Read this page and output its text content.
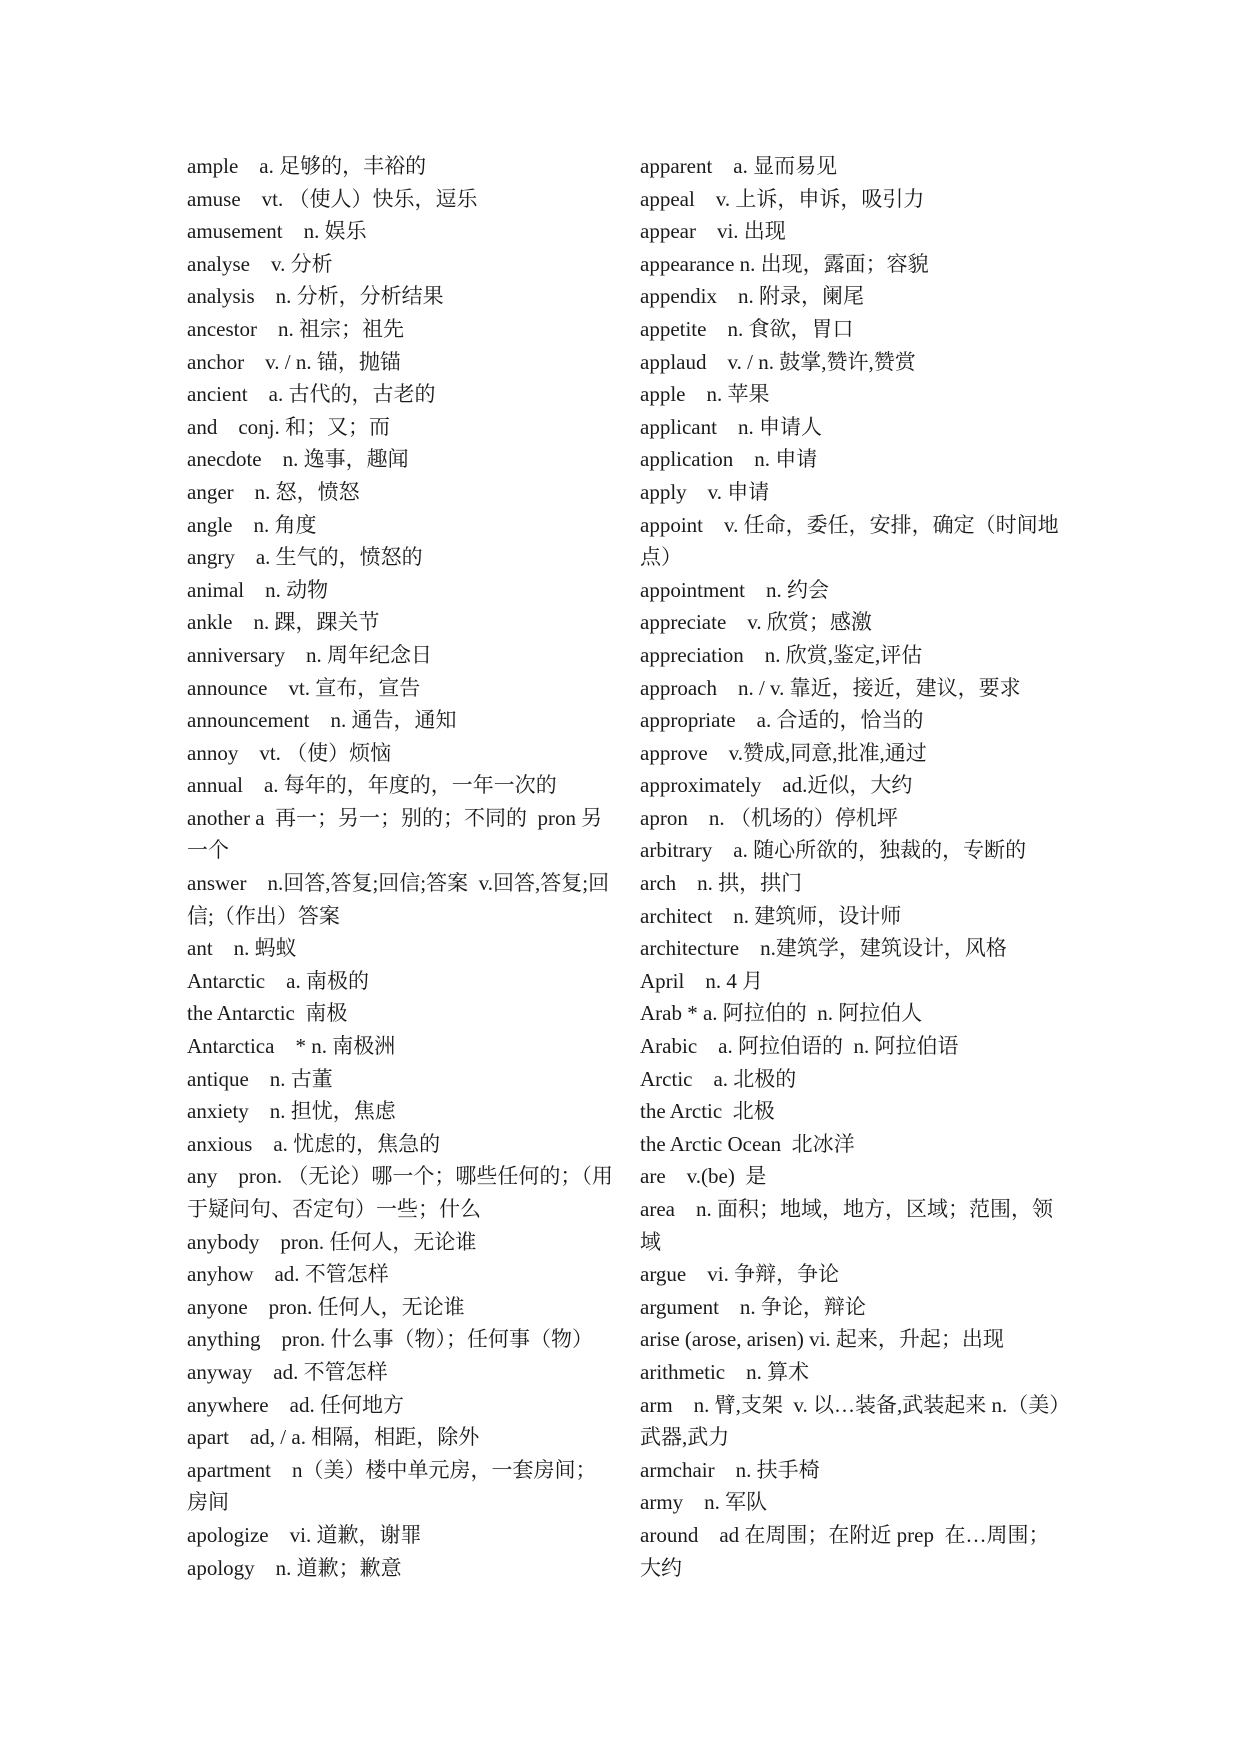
ample    a. 足够的，丰裕的

amuse    vt. （使人）快乐，逗乐

amusement    n. 娱乐

analyse    v. 分析

analysis    n. 分析，分析结果

ancestor    n. 祖宗；祖先

anchor    v. / n. 锚，抛锚

ancient    a. 古代的，古老的

and    conj. 和；又；而

anecdote    n. 逸事，趣闻

anger    n. 怒，愤怒

angle    n. 角度

angry    a. 生气的，愤怒的

animal    n. 动物

ankle    n. 踝，踝关节

anniversary    n. 周年纪念日

announce    vt. 宣布，宣告

announcement    n. 通告，通知

annoy    vt. （使）烦恼

annual    a. 每年的，年度的，一年一次的

another a  再一；另一；别的；不同的  pron 另一个

answer    n.回答,答复;回信;答案  v.回答,答复;回信;（作出）答案

ant    n. 蚂蚁

Antarctic    a. 南极的

the Antarctic  南极

Antarctica    * n. 南极洲

antique    n. 古董

anxiety    n. 担忧，焦虑

anxious    a. 忧虑的，焦急的

any    pron. （无论）哪一个；哪些任何的；（用于疑问句、否定句）一些；什么

anybody    pron. 任何人，无论谁

anyhow    ad. 不管怎样

anyone    pron. 任何人，无论谁

anything    pron. 什么事（物）；任何事（物）

anyway    ad. 不管怎样

anywhere    ad. 任何地方

apart    ad, / a. 相隔，相距，除外

apartment    n（美）楼中单元房，一套房间；房间

apologize    vi. 道歉，谢罪

apology    n. 道歉；歉意

apparent    a. 显而易见

appeal    v. 上诉，申诉，吸引力

appear    vi. 出现

appearance n. 出现，露面；容貌

appendix    n. 附录，阑尾

appetite    n. 食欲，胃口

applaud    v. / n. 鼓掌,赞许,赞赏

apple    n. 苹果

applicant    n. 申请人

application    n. 申请

apply    v. 申请

appoint    v. 任命，委任，安排，确定（时间地点）

appointment    n. 约会

appreciate    v. 欣赏；感激

appreciation    n. 欣赏,鉴定,评估

approach    n. / v. 靠近，接近，建议，要求

appropriate    a. 合适的，恰当的

approve    v.赞成,同意,批准,通过

approximately    ad.近似，大约

apron    n. （机场的）停机坪

arbitrary    a. 随心所欲的，独裁的，专断的

arch    n. 拱，拱门

architect    n. 建筑师，设计师

architecture    n.建筑学，建筑设计，风格

April    n. 4 月

Arab * a. 阿拉伯的  n. 阿拉伯人

Arabic    a. 阿拉伯语的  n. 阿拉伯语

Arctic    a. 北极的

the Arctic  北极

the Arctic Ocean  北冰洋

are    v.(be)  是

area    n. 面积；地域，地方，区域；范围，领域

argue    vi. 争辩，争论

argument    n. 争论，辩论

arise (arose, arisen) vi. 起来，升起；出现

arithmetic    n. 算术

arm    n. 臂,支架  v. 以…装备,武装起来 n.（美）武器,武力

armchair    n. 扶手椅

army    n. 军队

around    ad 在周围；在附近 prep  在…周围；大约
